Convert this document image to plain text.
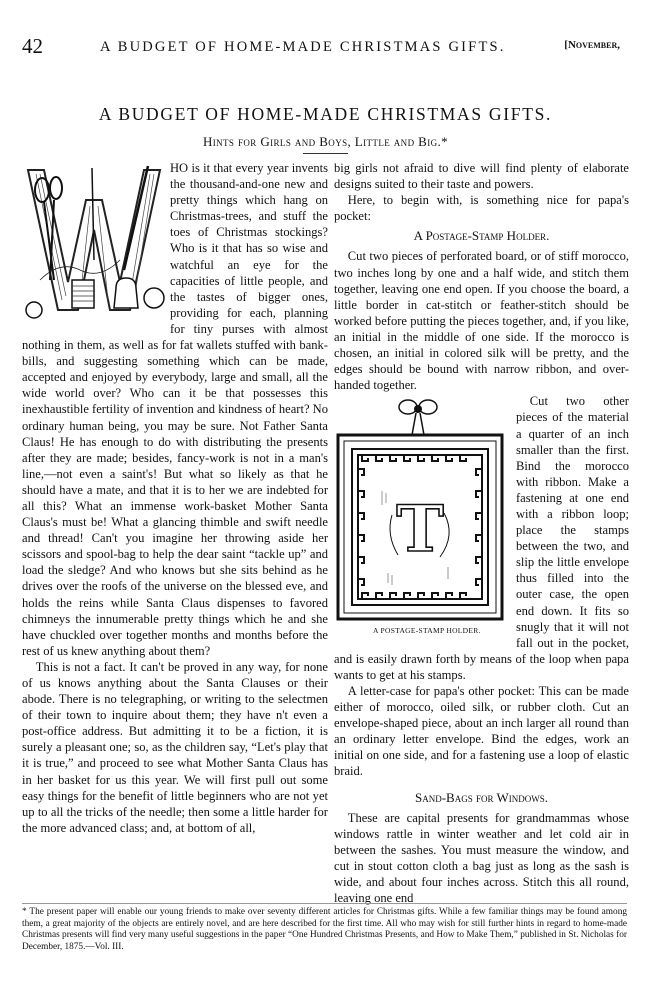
42	A BUDGET OF HOME-MADE CHRISTMAS GIFTS.	[November,
A BUDGET OF HOME-MADE CHRISTMAS GIFTS.
Hints for Girls and Boys, Little and Big.*

HO is it that every year invents the thousand-and-one new and pretty things which hang on Christmas-trees, and stuff the toes of Christmas stockings? Who is it that has so wise and watchful an eye for the capacities of little people, and the tastes of bigger ones, providing for each, planning for tiny purses with almost nothing in them, as well as for fat wallets stuffed with bank-bills, and suggesting something which can be made, accepted and enjoyed by everybody, large and small, all the wide world over? Who can it be that possesses this inexhaustible fertility of invention and kindness of heart? No ordinary human being, you may be sure. Not Father Santa Claus! He has enough to do with distributing the presents after they are made; besides, fancy-work is not in a man's line,—not even a saint's! But what so likely as that he should have a mate, and that it is to her we are indebted for all this? What an immense work-basket Mother Santa Claus's must be! What a glancing thimble and swift needle and thread! Can't you imagine her throwing aside her scissors and spool-bag to help the dear saint “tackle up” and load the sledge? And who knows but she sits behind as he drives over the roofs of the universe on the blessed eve, and holds the reins while Santa Claus dispenses to favored chimneys the innumerable pretty things which he and she have chuckled over together months and months before the rest of us knew anything about them?

This is not a fact. It can't be proved in any way, for none of us knows anything about the Santa Clauses or their abode. There is no telegraphing, or writing to the selectmen of their town to inquire about them; they have n't even a post-office address. But admitting it to be a fiction, it is surely a pleasant one; so, as the children say, “Let's play that it is true,” and proceed to see what Mother Santa Claus has in her basket for us this year. We will first pull out some easy things for the benefit of little beginners who are not yet up to all the tricks of the needle; then some a little harder for the more advanced class; and, at bottom of all,

big girls not afraid to dive will find plenty of elaborate designs suited to their taste and powers.

Here, to begin with, is something nice for papa's pocket:

A Postage-Stamp Holder.

Cut two pieces of perforated board, or of stiff morocco, two inches long by one and a half wide, and stitch them together, leaving one end open. If you choose the board, a little border in cat-stitch or feather-stitch should be worked before putting the pieces together, and, if you like, an initial in the middle of one side. If the morocco is chosen, an initial in colored silk will be pretty, and the edges should be bound with narrow ribbon, and over-handed together.

T
A POSTAGE-STAMP HOLDER.
Cut two other pieces of the material a quarter of an inch smaller than the first. Bind the morocco with ribbon. Make a fastening at one end with a ribbon loop; place the stamps between the two, and slip the little envelope thus filled into the outer case, the open end down. It fits so snugly that it will not fall out in the pocket, and is easily drawn forth by means of the loop when papa wants to get at his stamps.

A letter-case for papa's other pocket: This can be made either of morocco, oiled silk, or rubber cloth. Cut an envelope-shaped piece, about an inch larger all round than an ordinary letter envelope. Bind the edges, work an initial on one side, and for a fastening use a loop of elastic braid.

Sand-Bags for Windows.

These are capital presents for grandmammas whose windows rattle in winter weather and let cold air in between the sashes. You must measure the window, and cut in stout cotton cloth a bag just as long as the sash is wide, and about four inches across. Stitch this all round, leaving one end

* The present paper will enable our young friends to make over seventy different articles for Christmas gifts. While a few familiar things may be found among them, a great majority of the objects are entirely novel, and are here described for the first time. All who may wish for still further hints in regard to home-made Christmas presents will find very many useful suggestions in the paper “One Hundred Christmas Presents, and How to Make Them,” published in St. Nicholas for December, 1875.—Vol. III.
